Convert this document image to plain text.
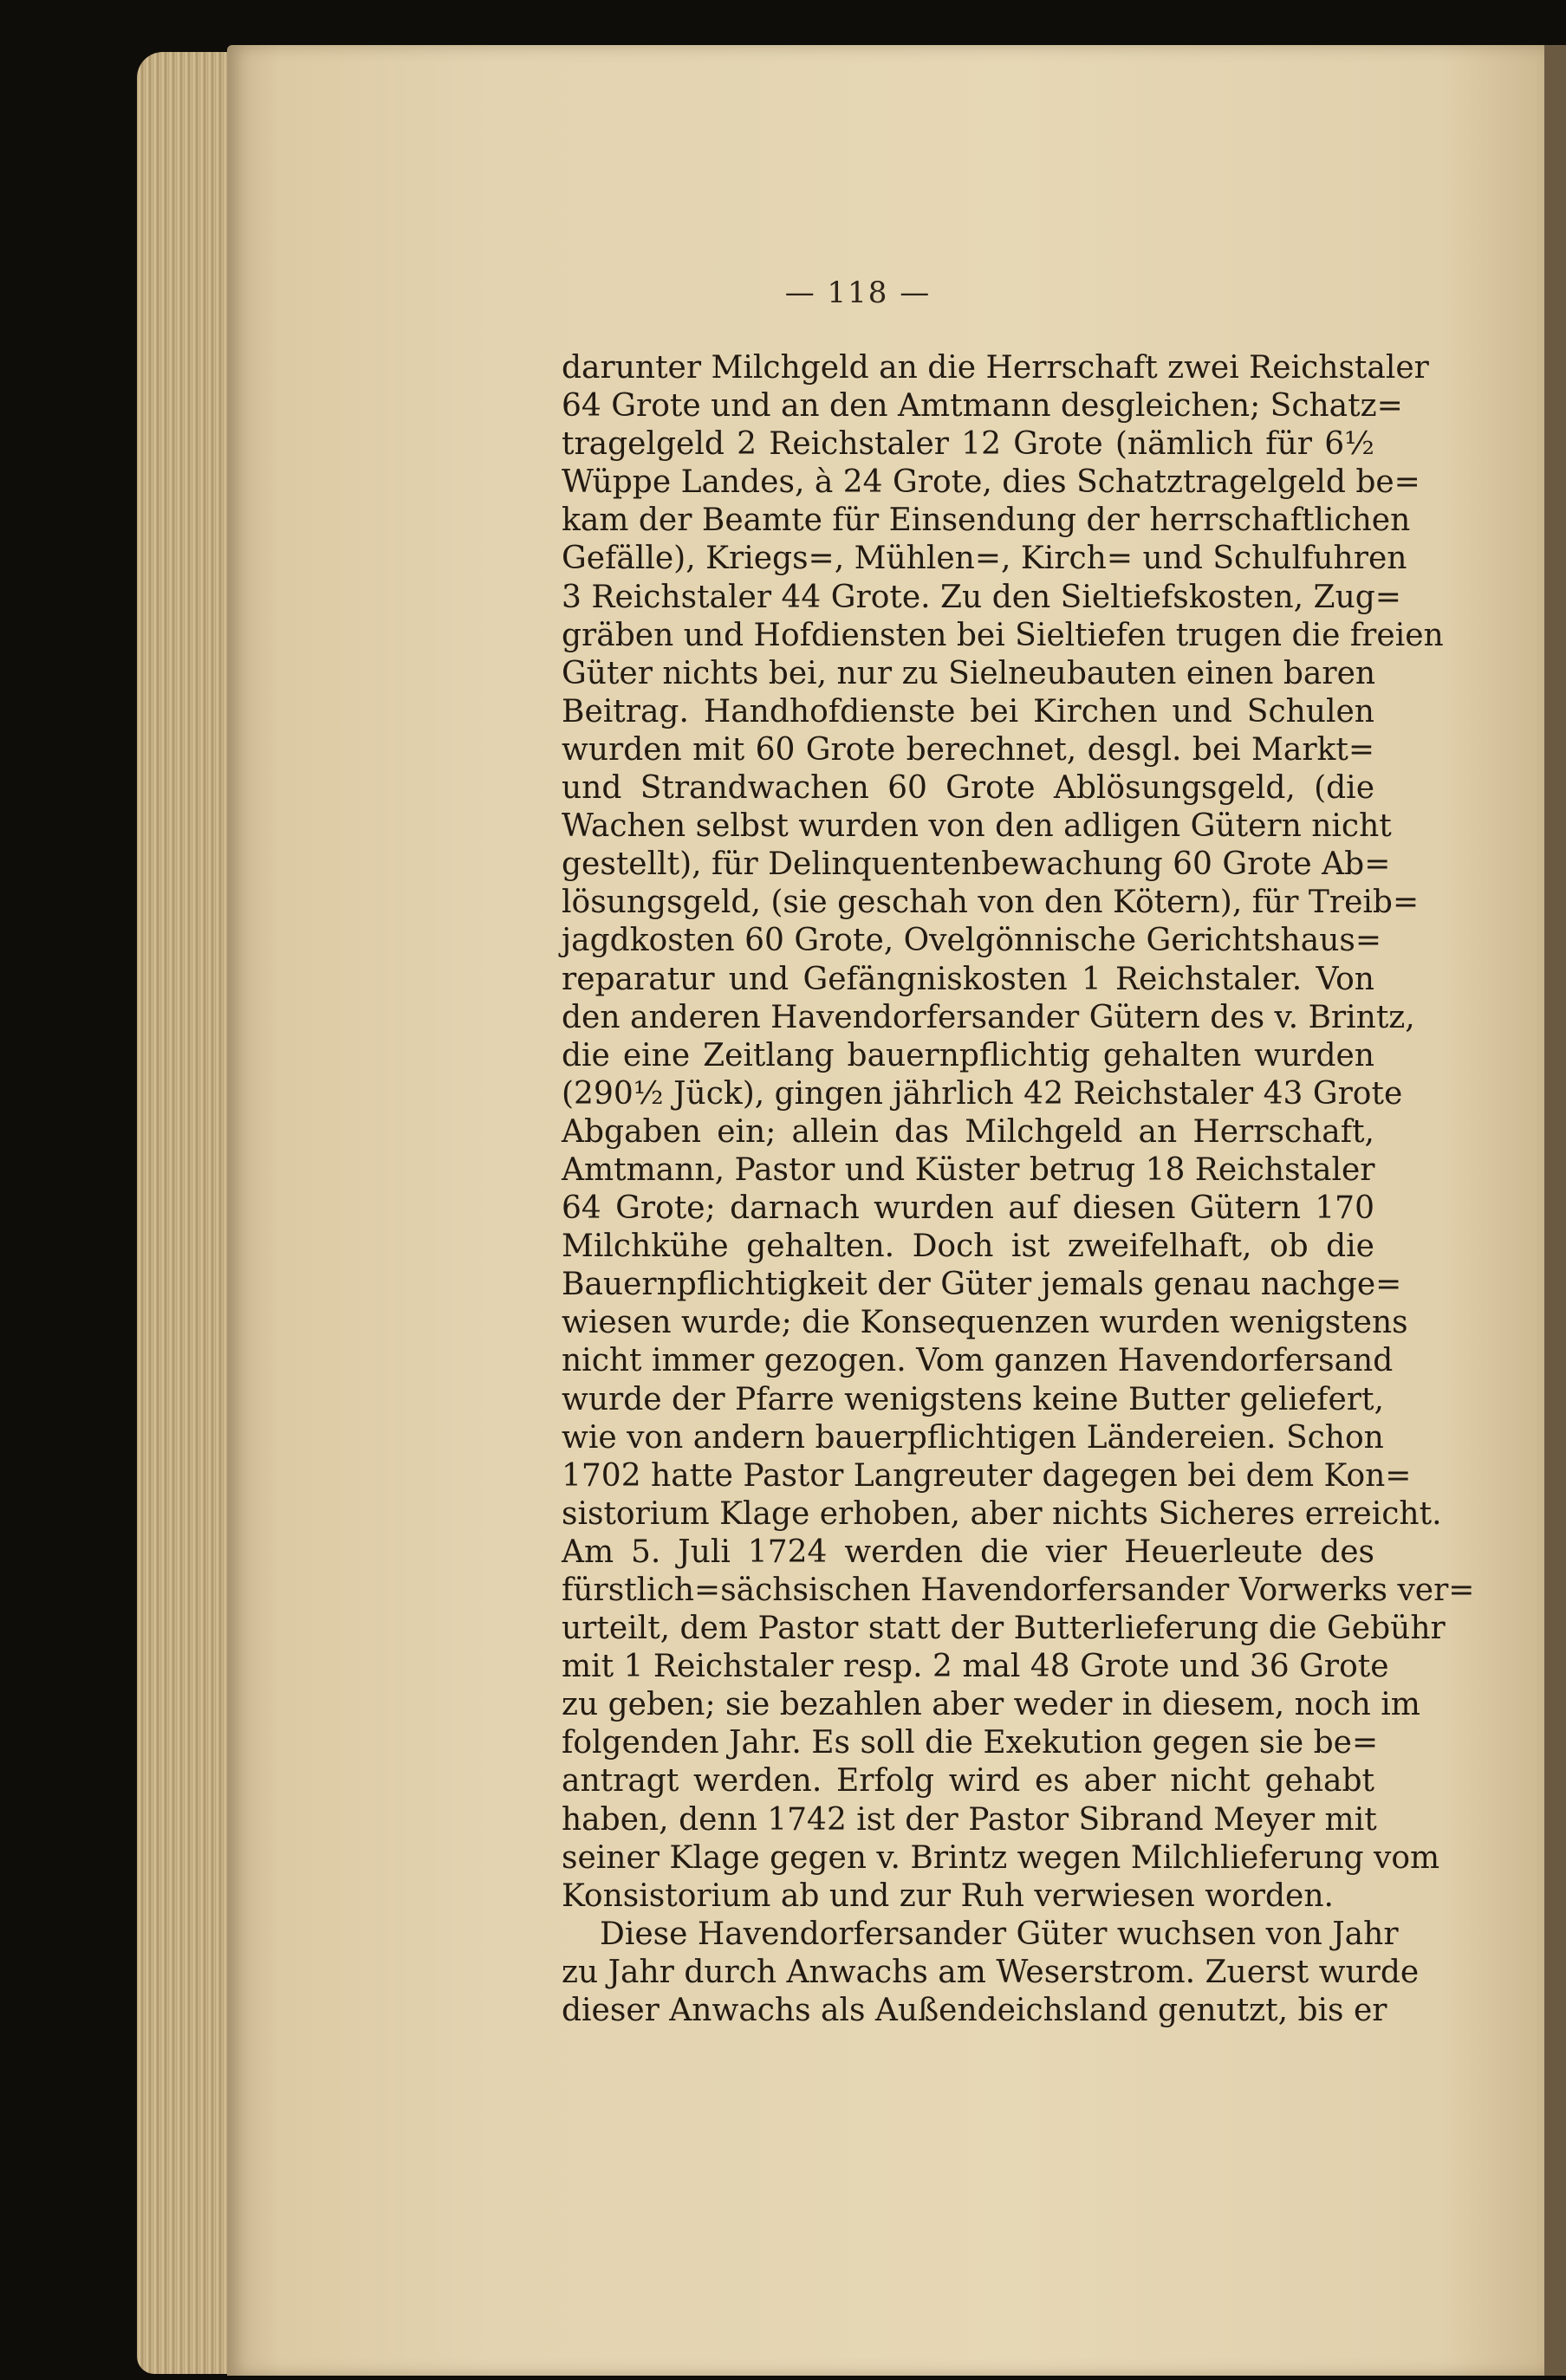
— 118 —
darunter Milchgeld an die Herrschaft zwei Reichstaler
64 Grote und an den Amtmann desgleichen; Schatz=
tragelgeld 2 Reichstaler 12 Grote (nämlich für 6½
Wüppe Landes, à 24 Grote, dies Schatztragelgeld be=
kam der Beamte für Einsendung der herrschaftlichen
Gefälle), Kriegs=, Mühlen=, Kirch= und Schulfuhren
3 Reichstaler 44 Grote. Zu den Sieltiefskosten, Zug=
gräben und Hofdiensten bei Sieltiefen trugen die freien
Güter nichts bei, nur zu Sielneubauten einen baren
Beitrag. Handhofdienste bei Kirchen und Schulen
wurden mit 60 Grote berechnet, desgl. bei Markt=
und Strandwachen 60 Grote Ablösungsgeld, (die
Wachen selbst wurden von den adligen Gütern nicht
gestellt), für Delinquentenbewachung 60 Grote Ab=
lösungsgeld, (sie geschah von den Kötern), für Treib=
jagdkosten 60 Grote, Ovelgönnische Gerichtshaus=
reparatur und Gefängniskosten 1 Reichstaler. Von
den anderen Havendorfersander Gütern des v. Brintz,
die eine Zeitlang bauernpflichtig gehalten wurden
(290½ Jück), gingen jährlich 42 Reichstaler 43 Grote
Abgaben ein; allein das Milchgeld an Herrschaft,
Amtmann, Pastor und Küster betrug 18 Reichstaler
64 Grote; darnach wurden auf diesen Gütern 170
Milchkühe gehalten. Doch ist zweifelhaft, ob die
Bauernpflichtigkeit der Güter jemals genau nachge=
wiesen wurde; die Konsequenzen wurden wenigstens
nicht immer gezogen. Vom ganzen Havendorfersand
wurde der Pfarre wenigstens keine Butter geliefert,
wie von andern bauerpflichtigen Ländereien. Schon
1702 hatte Pastor Langreuter dagegen bei dem Kon=
sistorium Klage erhoben, aber nichts Sicheres erreicht.
Am 5. Juli 1724 werden die vier Heuerleute des
fürstlich=sächsischen Havendorfersander Vorwerks ver=
urteilt, dem Pastor statt der Butterlieferung die Gebühr
mit 1 Reichstaler resp. 2 mal 48 Grote und 36 Grote
zu geben; sie bezahlen aber weder in diesem, noch im
folgenden Jahr. Es soll die Exekution gegen sie be=
antragt werden. Erfolg wird es aber nicht gehabt
haben, denn 1742 ist der Pastor Sibrand Meyer mit
seiner Klage gegen v. Brintz wegen Milchlieferung vom
Konsistorium ab und zur Ruh verwiesen worden.
Diese Havendorfersander Güter wuchsen von Jahr
zu Jahr durch Anwachs am Weserstrom. Zuerst wurde
dieser Anwachs als Außendeichsland genutzt, bis er
